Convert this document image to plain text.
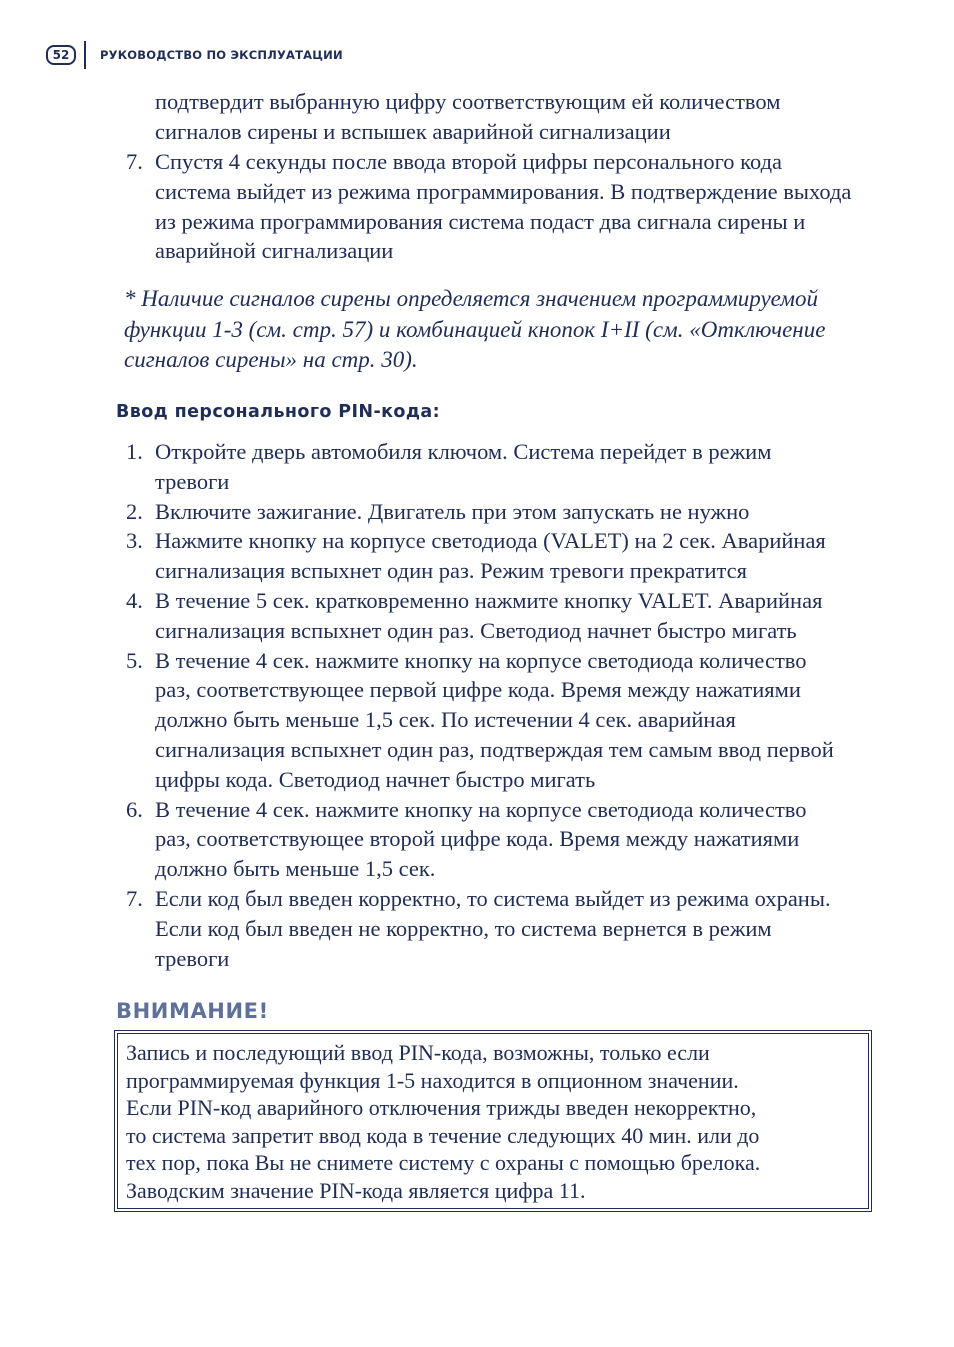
52	РУКОВОДСТВО ПО ЭКСПЛУАТАЦИИ
подтвердит выбранную цифру соответствующим ей количеством
сигналов сирены и вспышек аварийной сигнализации
7. Спустя 4 секунды после ввода второй цифры персонального кода
система выйдет из режима программирования. В подтверждение выхода
из режима программирования система подаст два сигнала сирены и
аварийной сигнализации
* Наличие сигналов сирены определяется значением программируемой
функции 1-3 (см. стр. 57) и комбинацией кнопок I+II (см. «Отключение
сигналов сирены» на стр. 30).
Ввод персонального PIN-кода:
1. Откройте дверь автомобиля ключом. Система перейдет в режим
тревоги
2. Включите зажигание. Двигатель при этом запускать не нужно
3. Нажмите кнопку на корпусе светодиода (VALET) на 2 сек. Аварийная
сигнализация вспыхнет один раз. Режим тревоги прекратится
4. В течение 5 сек. кратковременно нажмите кнопку VALET. Аварийная
сигнализация вспыхнет один раз. Светодиод начнет быстро мигать
5. В течение 4 сек. нажмите кнопку на корпусе светодиода количество
раз, соответствующее первой цифре кода. Время между нажатиями
должно быть меньше 1,5 сек. По истечении 4 сек. аварийная
сигнализация вспыхнет один раз, подтверждая тем самым ввод первой
цифры кода. Светодиод начнет быстро мигать
6. В течение 4 сек. нажмите кнопку на корпусе светодиода количество
раз, соответствующее второй цифре кода. Время между нажатиями
должно быть меньше 1,5 сек.
7. Если код был введен корректно, то система выйдет из режима охраны.
Если код был введен не корректно, то система вернется в режим
тревоги
ВНИМАНИЕ!
Запись и последующий ввод PIN-кода, возможны, только если
программируемая функция 1-5 находится в опционном значении.
Если PIN-код аварийного отключения трижды введен некорректно,
то система запретит ввод кода в течение следующих 40 мин. или до
тех пор, пока Вы не снимете систему с охраны с помощью брелока.
Заводским значение PIN-кода является цифра 11.
